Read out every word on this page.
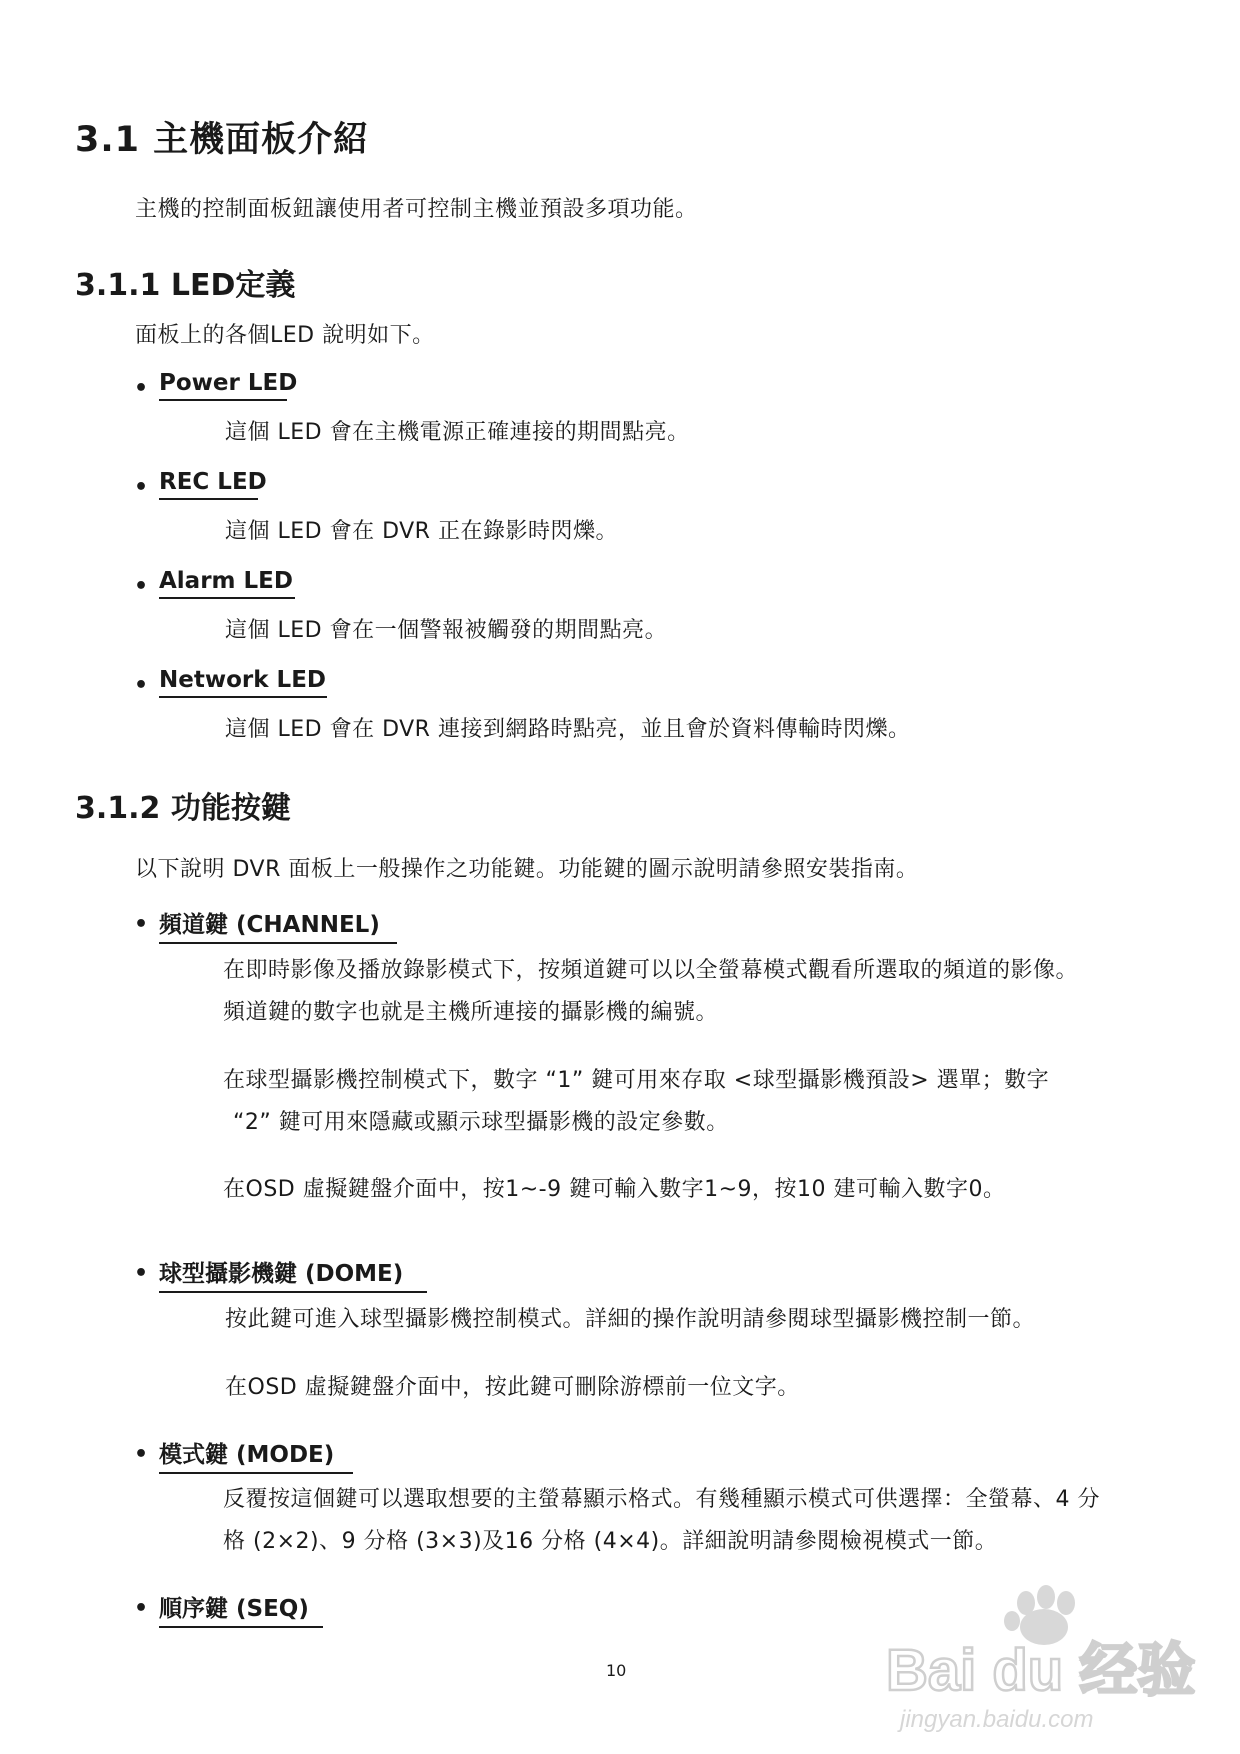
3.1 主機面板介紹
主機的控制面板鈕讓使用者可控制主機並預設多項功能。
3.1.1 LED定義
面板上的各個LED 說明如下。
• Power LED
這個 LED 會在主機電源正確連接的期間點亮。
• REC LED
這個 LED 會在 DVR 正在錄影時閃爍。
• Alarm LED
這個 LED 會在一個警報被觸發的期間點亮。
• Network LED
這個 LED 會在 DVR 連接到網路時點亮，並且會於資料傳輸時閃爍。
3.1.2 功能按鍵
以下說明 DVR 面板上一般操作之功能鍵。功能鍵的圖示說明請參照安裝指南。
• 頻道鍵 (CHANNEL)
在即時影像及播放錄影模式下，按頻道鍵可以以全螢幕模式觀看所選取的頻道的影像。
頻道鍵的數字也就是主機所連接的攝影機的編號。
在球型攝影機控制模式下，數字 “1” 鍵可用來存取 <球型攝影機預設> 選單；數字
“2” 鍵可用來隱藏或顯示球型攝影機的設定參數。
在OSD 虛擬鍵盤介面中，按1~-9 鍵可輸入數字1~9，按10 建可輸入數字0。
• 球型攝影機鍵 (DOME)
按此鍵可進入球型攝影機控制模式。詳細的操作說明請參閱球型攝影機控制一節。
在OSD 虛擬鍵盤介面中，按此鍵可刪除游標前一位文字。
• 模式鍵 (MODE)
反覆按這個鍵可以選取想要的主螢幕顯示格式。有幾種顯示模式可供選擇：全螢幕、4 分
格 (2×2)、9 分格 (3×3)及16 分格 (4×4)。詳細說明請參閱檢視模式一節。
• 順序鍵 (SEQ)
10	Bai du 经验
jingyan.baidu.com
